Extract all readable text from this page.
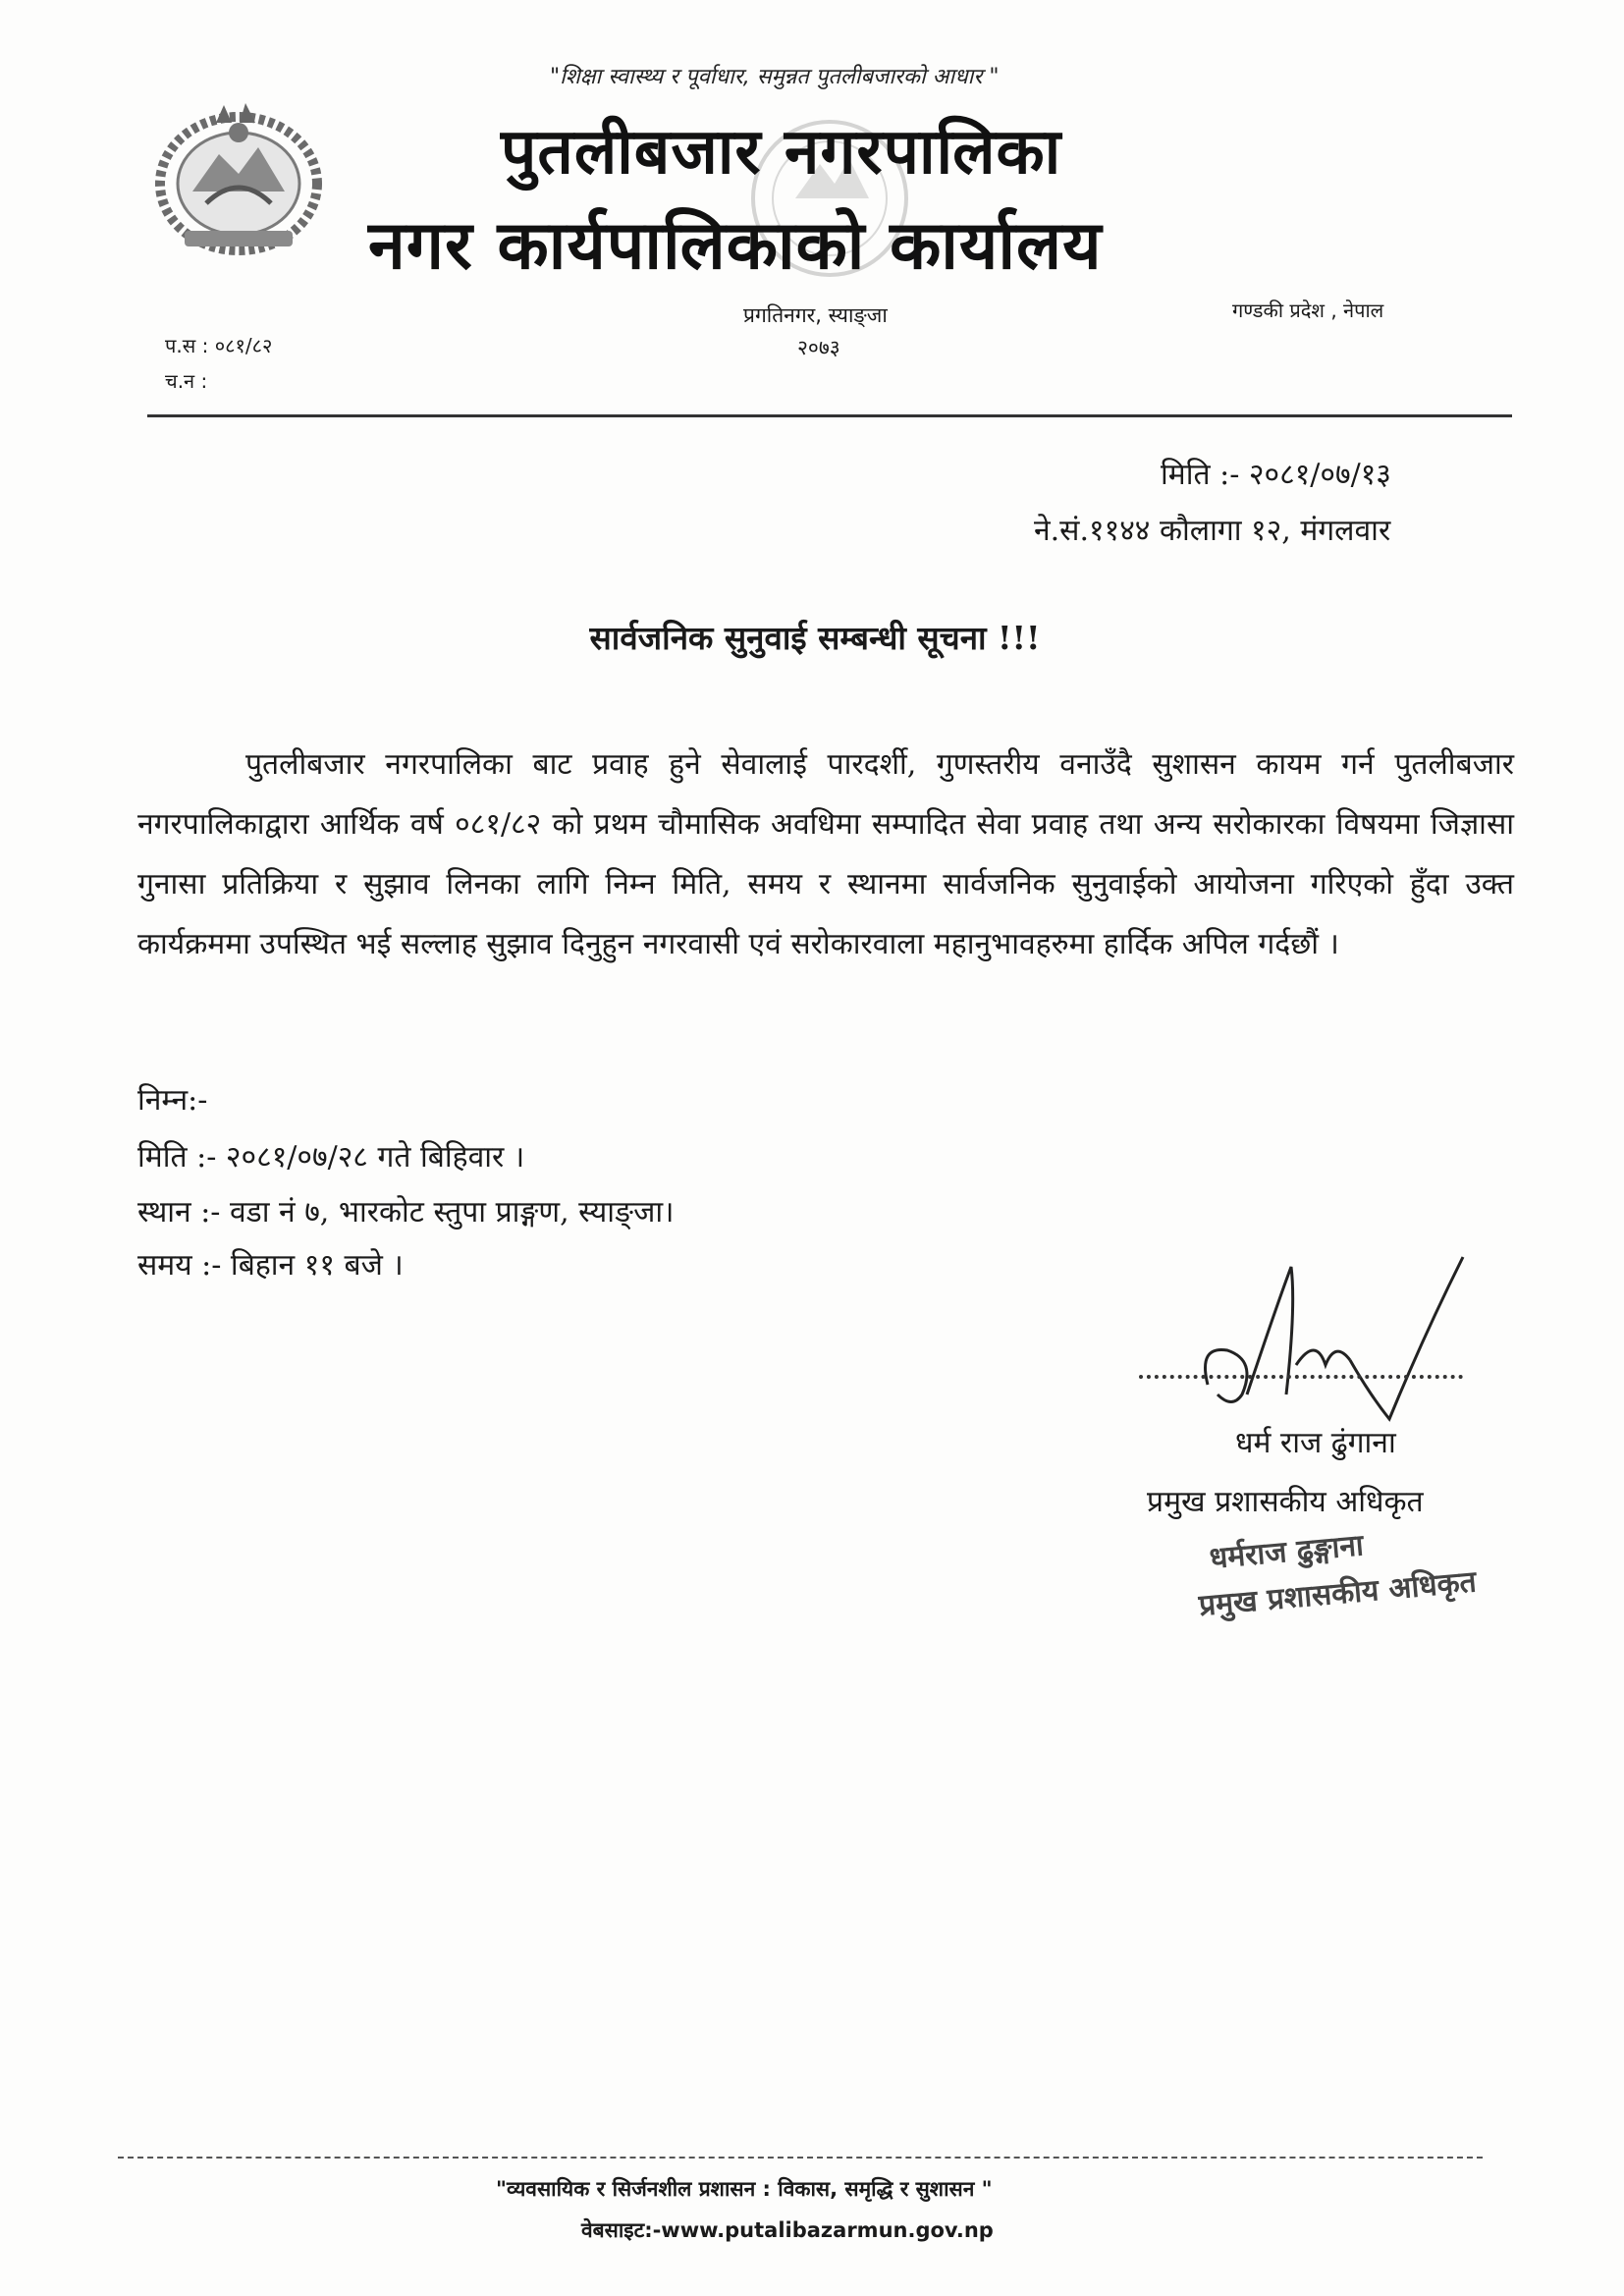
"शिक्षा स्वास्थ्य र पूर्वाधार, समुन्नत पुतलीबजारको आधार "
पुतलीबजार नगरपालिका
नगर कार्यपालिकाको कार्यालय
प्रगतिनगर, स्याङ्जा
२०७३
गण्डकी प्रदेश , नेपाल
प.स : ०८१/८२
च.न :
मिति :- २०८१/०७/१३
ने.सं.११४४ कौलागा १२, मंगलवार
सार्वजनिक सुनुवाई सम्बन्धी सूचना !!!
पुतलीबजार नगरपालिका बाट प्रवाह हुने सेवालाई पारदर्शी, गुणस्तरीय वनाउँदै सुशासन कायम गर्न पुतलीबजार नगरपालिकाद्वारा आर्थिक वर्ष ०८१/८२ को प्रथम चौमासिक अवधिमा सम्पादित सेवा प्रवाह तथा अन्य सरोकारका विषयमा जिज्ञासा गुनासा प्रतिक्रिया र सुझाव लिनका लागि निम्न मिति, समय र स्थानमा सार्वजनिक सुनुवाईको आयोजना गरिएको हुँदा उक्त कार्यक्रममा उपस्थित भई सल्लाह सुझाव दिनुहुन नगरवासी एवं सरोकारवाला महानुभावहरुमा हार्दिक अपिल गर्दछौं ।
निम्न:-
मिति :- २०८१/०७/२८ गते बिहिवार ।
स्थान :- वडा नं ७, भारकोट स्तुपा प्राङ्गण, स्याङ्जा।
समय :- बिहान ११ बजे ।
धर्म राज ढुंगाना
प्रमुख प्रशासकीय अधिकृत
धर्मराज ढुङ्गाना
प्रमुख प्रशासकीय अधिकृत
"व्यवसायिक र सिर्जनशील प्रशासन : विकास, समृद्धि र सुशासन "
वेबसाइट:-www.putalibazarmun.gov.np
